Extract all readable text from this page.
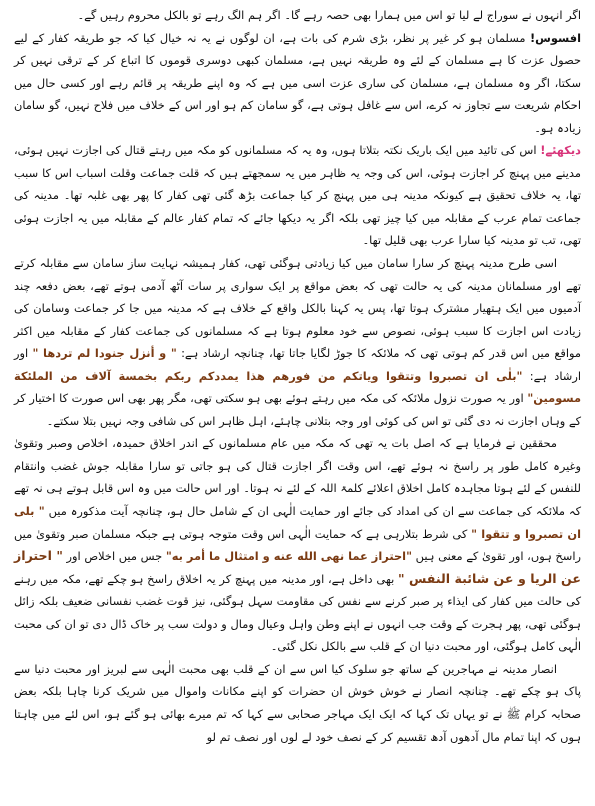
اگر انہوں نے سوراج لے لیا تو اس میں ہمارا بھی حصہ رہے گا۔ اگر ہم الگ رہے تو بالکل محروم رہیں گے۔

افسوس! مسلمان ہو کر غیر پر نظر، بڑی شرم کی بات ہے، ان لوگوں نے یہ نہ خیال کیا کہ جو طریقہ کفار کے لیے حصول عزت کا ہے مسلمان کے لئے وہ طریقہ نہیں ہے، مسلمان کبھی دوسری قوموں کا اتباع کر کے ترقی نہیں کر سکتا، اگر وہ مسلمان ہے، مسلمان کی ساری عزت اسی میں ہے کہ وہ اپنے طریقہ پر قائم رہے اور کسی حال میں احکام شریعت سے تجاوز نہ کرے، اس سے غافل ہوتی ہے، گو سامان کم ہو اور اس کے خلاف میں فلاح نہیں، گو سامان زیادہ ہو۔

دیکھئے! اس کی تائید میں ایک باریک نکتہ بتلاتا ہوں، وہ یہ کہ مسلمانوں کو مکہ میں رہتے قتال کی اجازت نہیں ہوئی، مدینے میں پہنچ کر اجازت ہوئی، اس کی وجہ یہ ظاہر میں یہ سمجھتے ہیں کہ قلت جماعت وقلت اسباب اس کا سبب تھا، یہ خلاف تحقیق ہے کیونکہ مدینہ ہی میں پہنچ کر کیا جماعت بڑھ گئی تھی کفار کا پھر بھی غلبہ تھا۔ مدینہ کی جماعت تمام عرب کے مقابلہ میں کیا چیز تھی بلکہ اگر یہ دیکھا جائے کہ تمام کفار عالم کے مقابلہ میں یہ اجازت ہوئی تھی، تب تو مدینہ کیا سارا عرب بھی قلیل تھا۔

اسی طرح مدینہ پہنچ کر سارا سامان میں کیا زیادتی ہوگئی تھی، کفار ہمیشہ نہایت ساز سامان سے مقابلہ کرتے تھے اور مسلمانان مدینہ کی یہ حالت تھی کہ بعض مواقع پر ایک سواری پر سات آٹھ آدمی ہوتے تھے، بعض دفعہ چند آدمیوں میں ایک ہتھیار مشترک ہوتا تھا، پس یہ کہنا بالکل واقع کے خلاف ہے کہ مدینہ میں جا کر جماعت وسامان کی زیادت اس اجازت کا سبب ہوئی، نصوص سے خود معلوم ہوتا ہے کہ مسلمانوں کی جماعت کفار کے مقابلہ میں اکثر مواقع میں اس قدر کم ہوتی تھی کہ ملائکہ کا جوڑ لگایا جاتا تھا، چنانچہ ارشاد ہے: " و أنزل جنودا لم تردها " اور ارشاد ہے: "بلٰی ان تصبروا وتتقوا ویاتکم من فورهم هذا یمددکم ربکم بخمسة آلاف من الملئکة مسومین" اور یہ صورت نزول ملائکہ کی مکہ میں رہتے ہوئے بھی ہو سکتی تھی، مگر پھر بھی اس صورت کا اختیار کر کے وہاں اجازت نہ دی گئی تو اس کی کوئی اور وجہ بتلانی چاہئے، اہل ظاہر اس کی شافی وجہ نہیں بتلا سکتے۔

محققین نے فرمایا ہے کہ اصل بات یہ تھی کہ مکہ میں عام مسلمانوں کے اندر اخلاق حمیدہ، اخلاص وصبر وتقویٰ وغیرہ کامل طور پر راسخ نہ ہوئے تھے، اس وقت اگر اجازت قتال کی ہو جاتی تو سارا مقابلہ جوش غضب وانتقام للنفس کے لئے ہوتا مجاہدہ کامل اخلاق اعلائے کلمۃ اللہ کے لئے نہ ہوتا۔ اور اس حالت میں وہ اس قابل ہوتے ہی نہ تھے کہ ملائکہ کی جماعت سے ان کی امداد کی جائے اور حمایت الٰہی ان کے شامل حال ہو، چنانچہ آیت مذکورہ میں " بلی ان تصبروا و تتقوا " کی شرط بتلارہی ہے کہ حمایت الٰہی اس وقت متوجہ ہوتی ہے جبکہ مسلمان صبر وتقویٰ میں راسخ ہوں، اور تقویٰ کے معنی ہیں "احتراز عما نهی الله عنه و امتثال ما أمر به" جس میں اخلاص اور " احتراز عن الریا و عن شائبة النفس " بھی داخل ہے، اور مدینہ میں پہنچ کر یہ اخلاق راسخ ہو چکے تھے، مکہ میں رہنے کی حالت میں کفار کی ایذاء پر صبر کرنے سے نفس کی مقاومت سہل ہوگئی، نیز قوت غضب نفسانی ضعیف بلکہ زائل ہوگئی تھی، پھر ہجرت کے وقت جب انہوں نے اپنے وطن واہل وعیال ومال و دولت سب پر خاک ڈال دی تو ان کی محبت الٰہی کامل ہوگئی، اور محبت دنیا ان کے قلب سے بالکل نکل گئی۔

انصار مدینہ نے مہاجرین کے ساتھ جو سلوک کیا اس سے ان کے قلب بھی محبت الٰہی سے لبریز اور محبت دنیا سے پاک ہو چکے تھے۔ چنانچہ انصار نے خوش خوش ان حضرات کو اپنے مکانات واموال میں شریک کرنا چاہا بلکہ بعض صحابہ کرام ﷺ نے تو یہاں تک کہا کہ ایک ایک مہاجر صحابی سے کہا کہ تم میرے بھائی ہو گئے ہو، اس لئے میں چاہتا ہوں کہ اپنا تمام مال آدھوں آدھ تقسیم کر کے نصف خود لے لوں اور نصف تم لو
